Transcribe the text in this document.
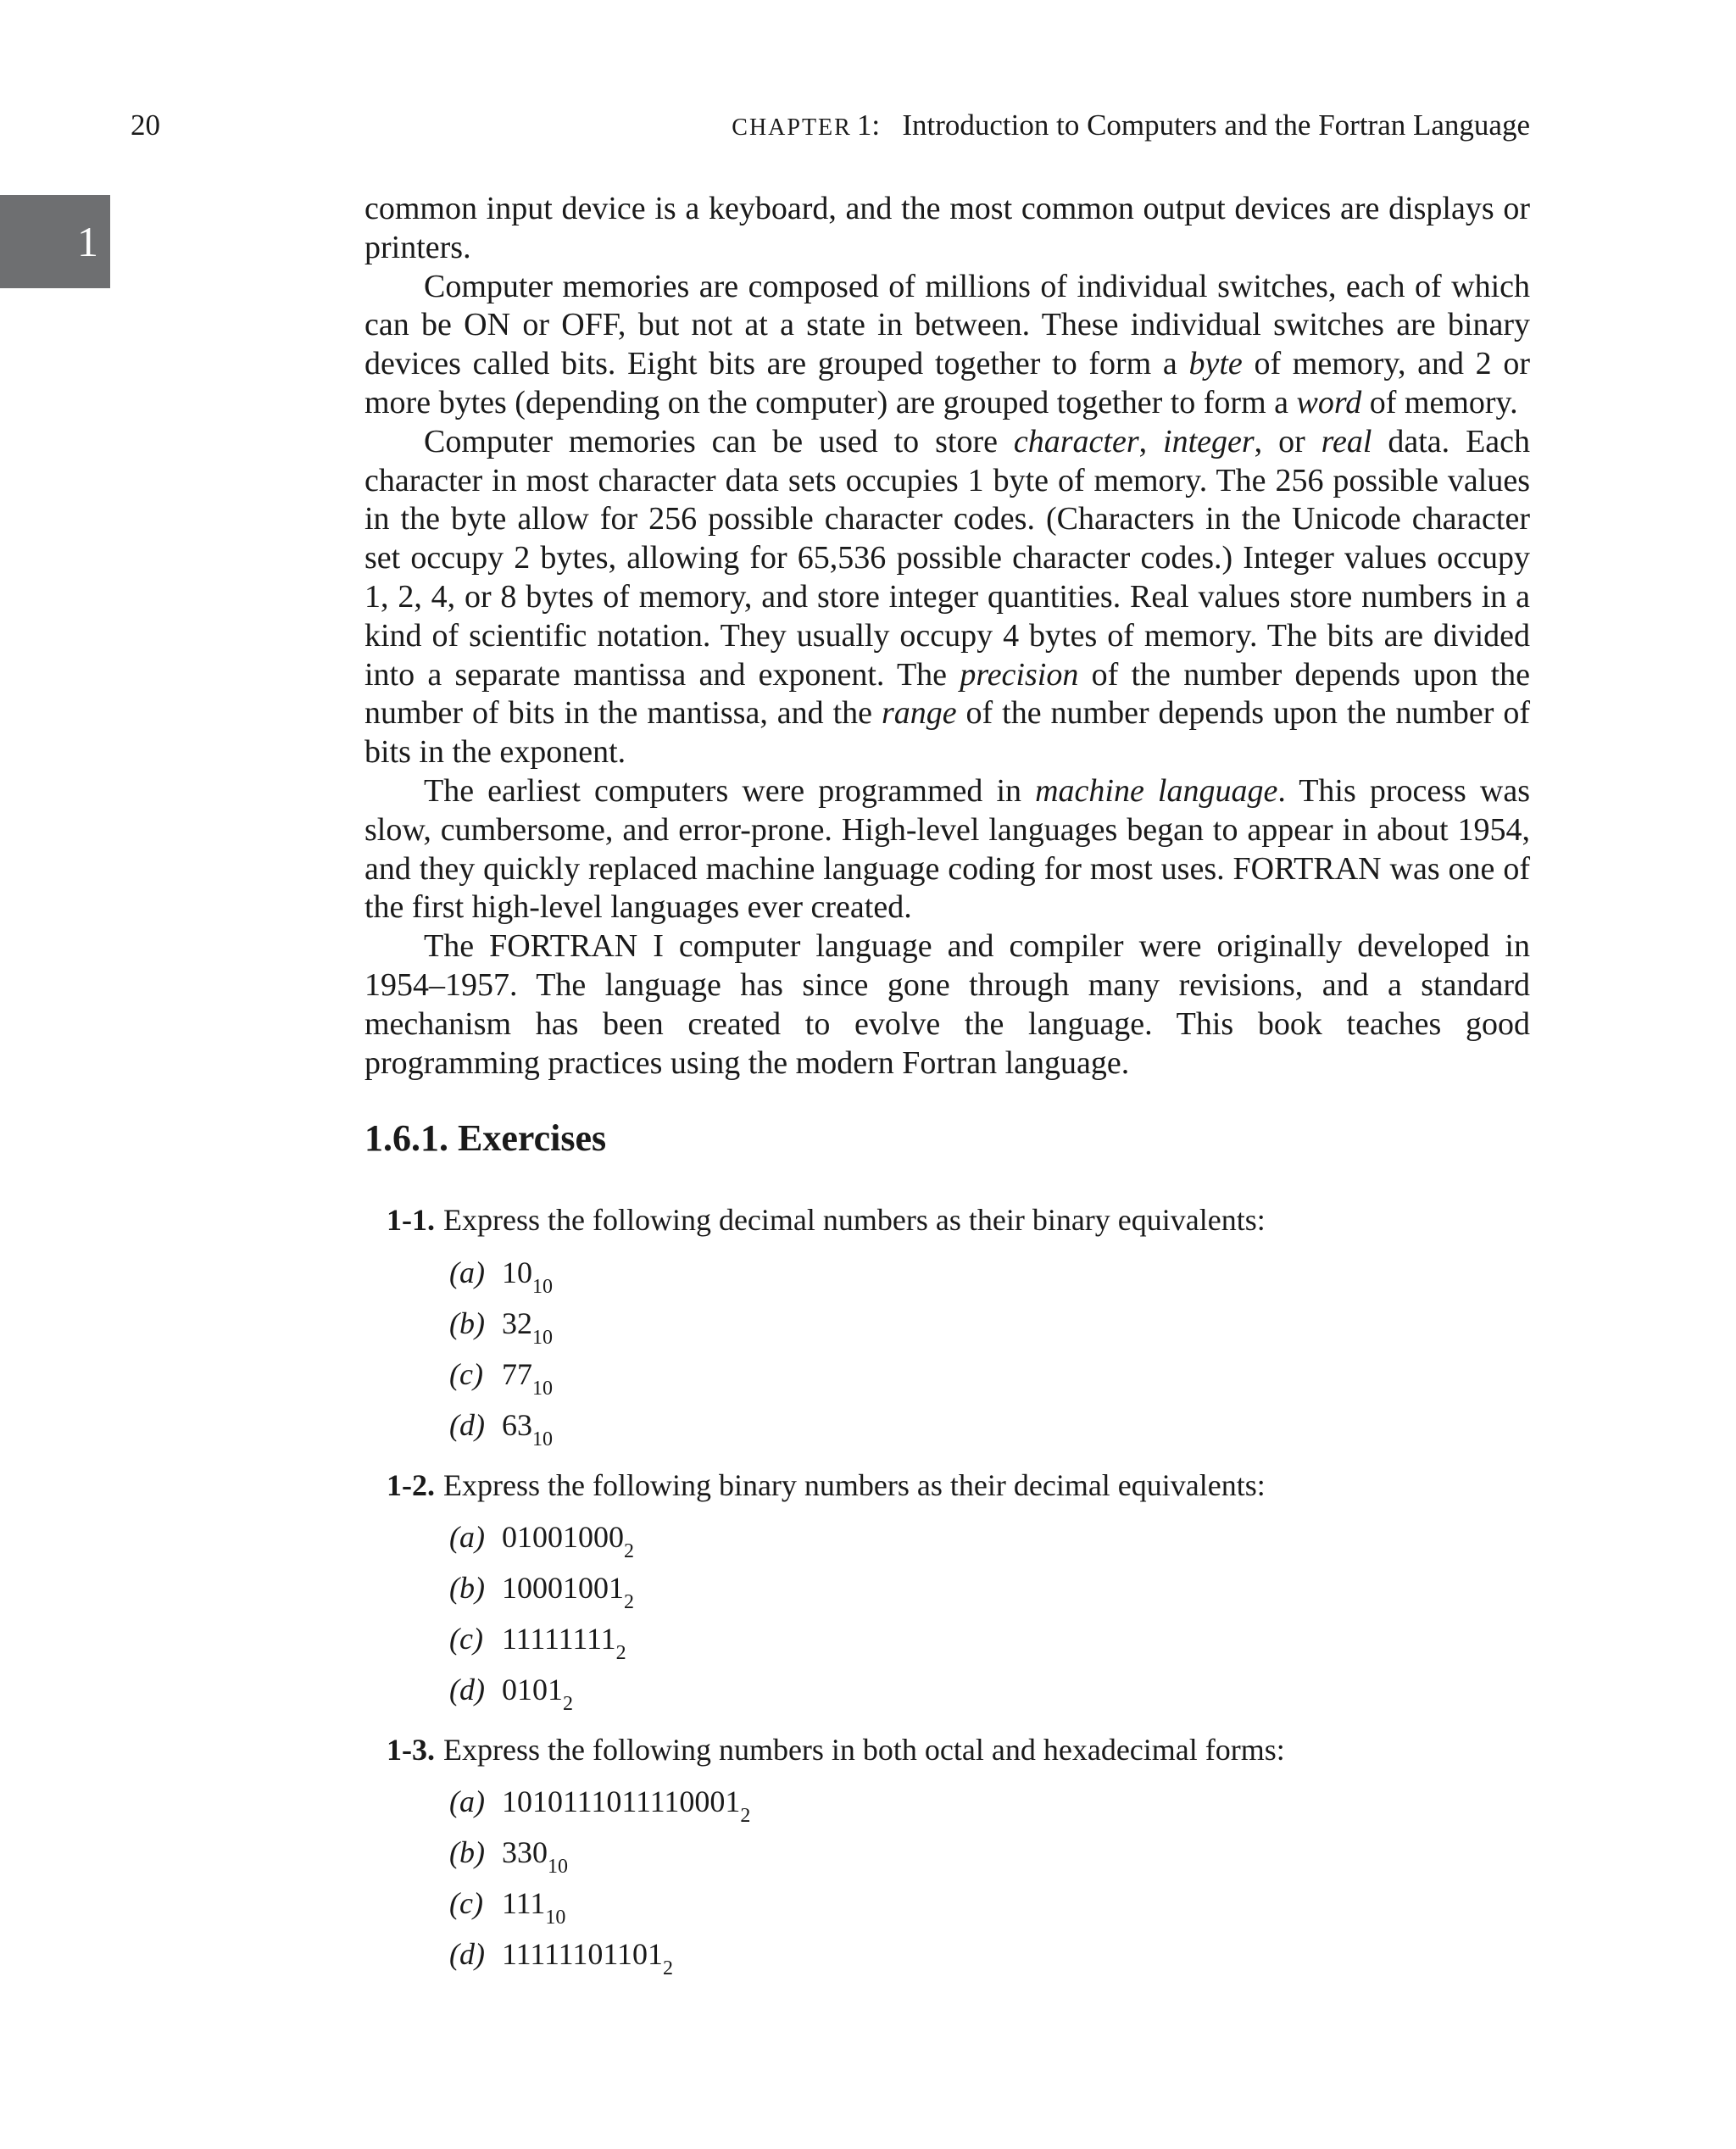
20	CHAPTER 1: Introduction to Computers and the Fortran Language
1

common input device is a keyboard, and the most common output devices are displays or printers.

Computer memories are composed of millions of individual switches, each of which can be ON or OFF, but not at a state in between. These individual switches are binary devices called bits. Eight bits are grouped together to form a byte of memory, and 2 or more bytes (depending on the computer) are grouped together to form a word of memory.

Computer memories can be used to store character, integer, or real data. Each character in most character data sets occupies 1 byte of memory. The 256 possible values in the byte allow for 256 possible character codes. (Characters in the Unicode character set occupy 2 bytes, allowing for 65,536 possible character codes.) Integer values occupy 1, 2, 4, or 8 bytes of memory, and store integer quantities. Real values store numbers in a kind of scientific notation. They usually occupy 4 bytes of memory. The bits are divided into a separate mantissa and exponent. The precision of the number depends upon the number of bits in the mantissa, and the range of the number depends upon the number of bits in the exponent.

The earliest computers were programmed in machine language. This process was slow, cumbersome, and error-prone. High-level languages began to appear in about 1954, and they quickly replaced machine language coding for most uses. FORTRAN was one of the first high-level languages ever created.

The FORTRAN I computer language and compiler were originally developed in 1954–1957. The language has since gone through many revisions, and a standard mechanism has been created to evolve the language. This book teaches good programming practices using the modern Fortran language.

1.6.1. Exercises
1-1. Express the following decimal numbers as their binary equivalents:
(a) $10_{10}$
(b) $32_{10}$
(c) $77_{10}$
(d) $63_{10}$
1-2. Express the following binary numbers as their decimal equivalents:
(a) $01001000_2$
(b) $10001001_2$
(c) $11111111_2$
(d) $0101_2$
1-3. Express the following numbers in both octal and hexadecimal forms:
(a) $1010111011110001_2$
(b) $330_{10}$
(c) $111_{10}$
(d) $11111101101_2$
